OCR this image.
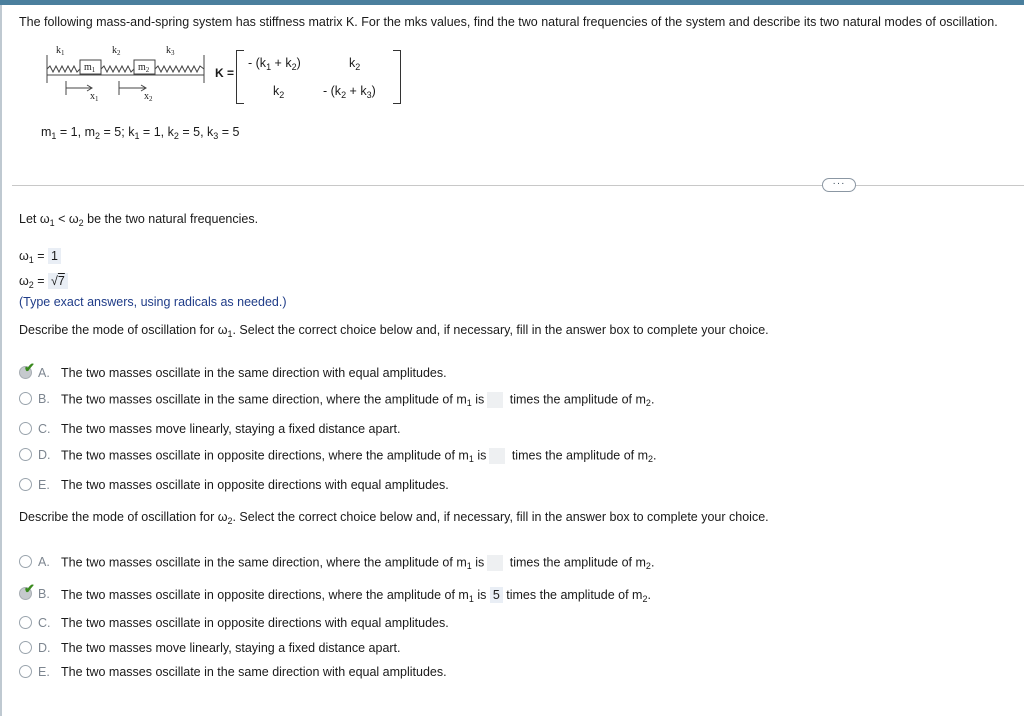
The following mass-and-spring system has stiffness matrix K. For the mks values, find the two natural frequencies of the system and describe its two natural modes of oscillation.
$k_1$	$k_2$	$k_3$
$m_1$	$m_2$
$x_1$	$x_2$
K =
- $(k_1 + k_2)$	$k_2$
$k_2$	- $(k_2 + k_3)$
$m_1 = 1$, $m_2 = 5$; $k_1 = 1$, $k_2 = 5$, $k_3 = 5$
···
Let $\omega_1 < \omega_2$ be the two natural frequencies.
$\omega_1 = 1$
$\omega_2 = √7$
(Type exact answers, using radicals as needed.)
Describe the mode of oscillation for $\omega_1$. Select the correct choice below and, if necessary, fill in the answer box to complete your choice.
✔ A. The two masses oscillate in the same direction with equal amplitudes.
B. The two masses oscillate in the same direction, where the amplitude of $m_1$ is times the amplitude of $m_2$.
C. The two masses move linearly, staying a fixed distance apart.
D. The two masses oscillate in opposite directions, where the amplitude of $m_1$ is times the amplitude of $m_2$.
E. The two masses oscillate in opposite directions with equal amplitudes.
Describe the mode of oscillation for $\omega_2$. Select the correct choice below and, if necessary, fill in the answer box to complete your choice.
A. The two masses oscillate in the same direction, where the amplitude of $m_1$ is times the amplitude of $m_2$.
✔ B. The two masses oscillate in opposite directions, where the amplitude of $m_1$ is 5 times the amplitude of $m_2$.
C. The two masses oscillate in opposite directions with equal amplitudes.
D. The two masses move linearly, staying a fixed distance apart.
E. The two masses oscillate in the same direction with equal amplitudes.
